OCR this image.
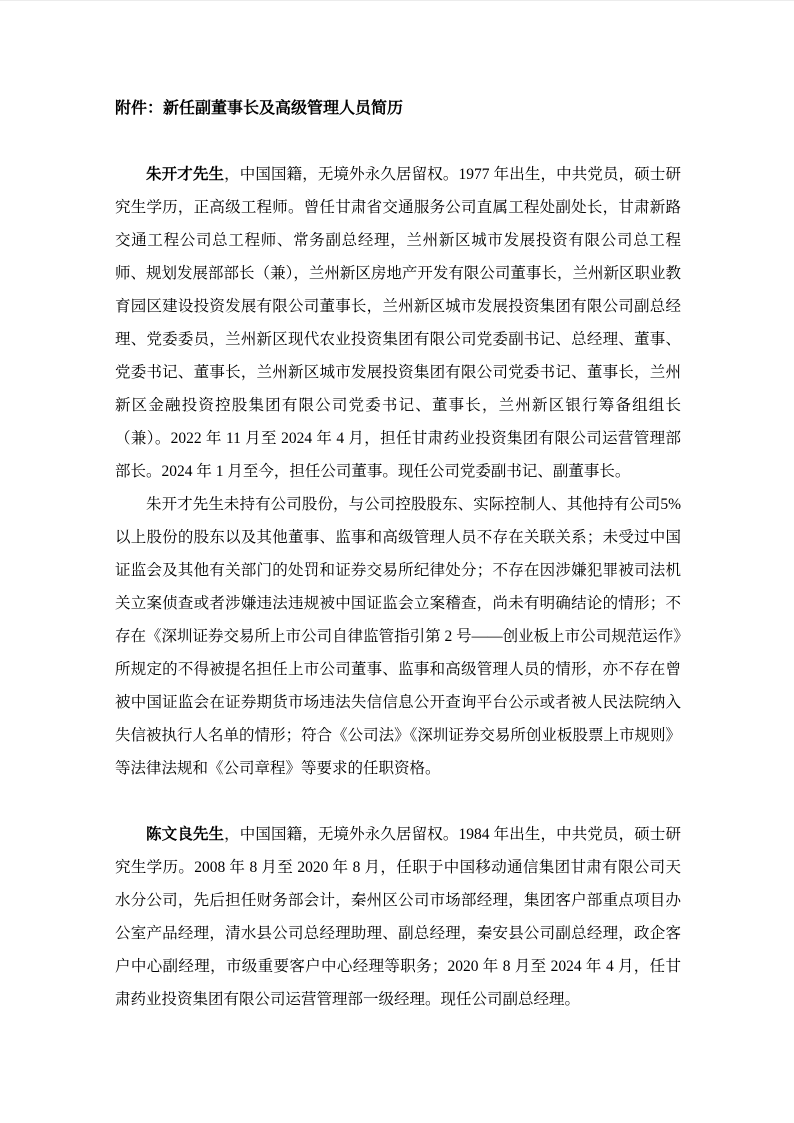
附件：新任副董事长及高级管理人员简历

朱开才先生，中国国籍，无境外永久居留权。1977 年出生，中共党员，硕士研究生学历，正高级工程师。曾任甘肃省交通服务公司直属工程处副处长，甘肃新路交通工程公司总工程师、常务副总经理，兰州新区城市发展投资有限公司总工程师、规划发展部部长（兼），兰州新区房地产开发有限公司董事长，兰州新区职业教育园区建设投资发展有限公司董事长，兰州新区城市发展投资集团有限公司副总经理、党委委员，兰州新区现代农业投资集团有限公司党委副书记、总经理、董事、党委书记、董事长，兰州新区城市发展投资集团有限公司党委书记、董事长，兰州新区金融投资控股集团有限公司党委书记、董事长，兰州新区银行筹备组组长（兼）。2022 年 11 月至 2024 年 4 月，担任甘肃药业投资集团有限公司运营管理部部长。2024 年 1 月至今，担任公司董事。现任公司党委副书记、副董事长。

朱开才先生未持有公司股份，与公司控股股东、实际控制人、其他持有公司5%以上股份的股东以及其他董事、监事和高级管理人员不存在关联关系；未受过中国证监会及其他有关部门的处罚和证券交易所纪律处分；不存在因涉嫌犯罪被司法机关立案侦查或者涉嫌违法违规被中国证监会立案稽查，尚未有明确结论的情形；不存在《深圳证券交易所上市公司自律监管指引第 2 号——创业板上市公司规范运作》所规定的不得被提名担任上市公司董事、监事和高级管理人员的情形，亦不存在曾被中国证监会在证券期货市场违法失信信息公开查询平台公示或者被人民法院纳入失信被执行人名单的情形；符合《公司法》《深圳证券交易所创业板股票上市规则》等法律法规和《公司章程》等要求的任职资格。

陈文良先生，中国国籍，无境外永久居留权。1984 年出生，中共党员，硕士研究生学历。2008 年 8 月至 2020 年 8 月，任职于中国移动通信集团甘肃有限公司天水分公司，先后担任财务部会计，秦州区公司市场部经理，集团客户部重点项目办公室产品经理，清水县公司总经理助理、副总经理，秦安县公司副总经理，政企客户中心副经理，市级重要客户中心经理等职务；2020 年 8 月至 2024 年 4 月，任甘肃药业投资集团有限公司运营管理部一级经理。现任公司副总经理。
